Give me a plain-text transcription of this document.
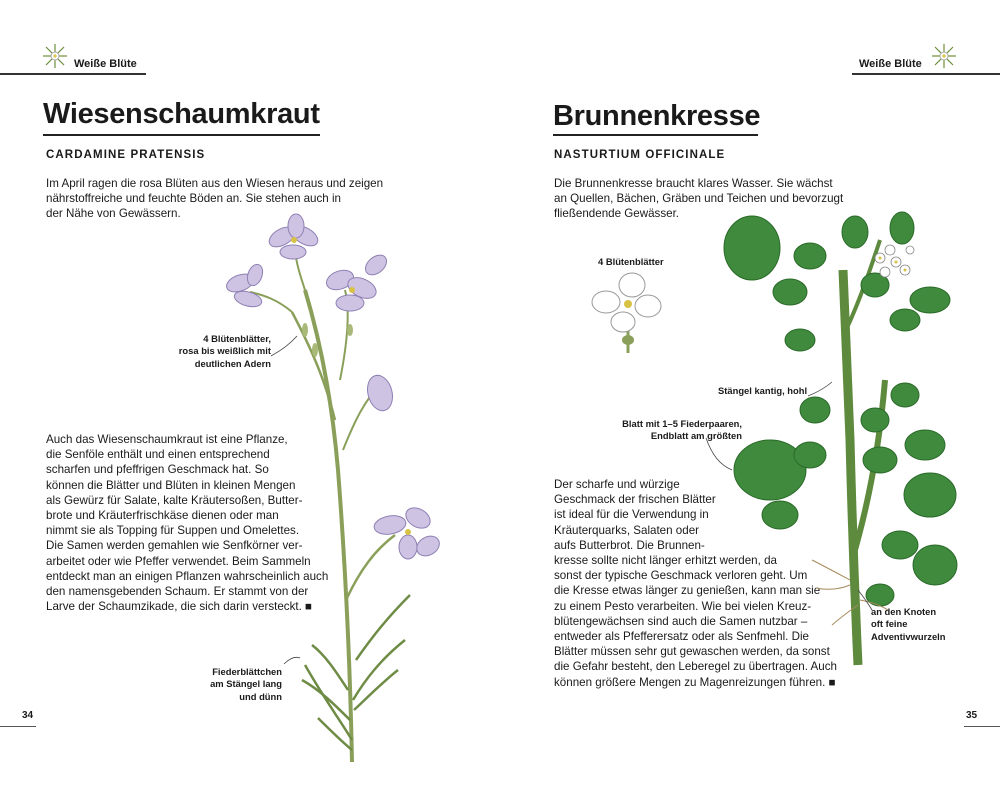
Weiße Blüte
Wiesenschaumkraut
CARDAMINE PRATENSIS
Im April ragen die rosa Blüten aus den Wiesen heraus und zeigen
nährstoffreiche und feuchte Böden an. Sie stehen auch in
der Nähe von Gewässern.
Auch das Wiesenschaumkraut ist eine Pflanze,
die Senföle enthält und einen entsprechend
scharfen und pfeffrigen Geschmack hat. So
können die Blätter und Blüten in kleinen Mengen
als Gewürz für Salate, kalte Kräutersoßen, Butter-
brote und Kräuterfrischkäse dienen oder man
nimmt sie als Topping für Suppen und Omelettes.
Die Samen werden gemahlen wie Senfkörner ver-
arbeitet oder wie Pfeffer verwendet. Beim Sammeln
entdeckt man an einigen Pflanzen wahrscheinlich auch
den namensgebenden Schaum. Er stammt von der
Larve der Schaumzikade, die sich darin versteckt. ■
4 Blütenblätter,
rosa bis weißlich mit
deutlichen Adern
Fiederblättchen
am Stängel lang
und dünn
34
Weiße Blüte
Brunnenkresse
NASTURTIUM OFFICINALE
Die Brunnenkresse braucht klares Wasser. Sie wächst
an Quellen, Bächen, Gräben und Teichen und bevorzugt
fließendende Gewässer.
Der scharfe und würzige
Geschmack der frischen Blätter
ist ideal für die Verwendung in
Kräuterquarks, Salaten oder
aufs Butterbrot. Die Brunnen-
kresse sollte nicht länger erhitzt werden, da
sonst der typische Geschmack verloren geht. Um
die Kresse etwas länger zu genießen, kann man sie
zu einem Pesto verarbeiten. Wie bei vielen Kreuz-
blütengewächsen sind auch die Samen nutzbar –
entweder als Pfefferersatz oder als Senfmehl. Die
Blätter müssen sehr gut gewaschen werden, da sonst
die Gefahr besteht, den Leberegel zu übertragen. Auch
können größere Mengen zu Magenreizungen führen. ■
4 Blütenblätter
Stängel kantig, hohl
Blatt mit 1–5 Fiederpaaren,
Endblatt am größten
an den Knoten
oft feine
Adventivwurzeln
35
